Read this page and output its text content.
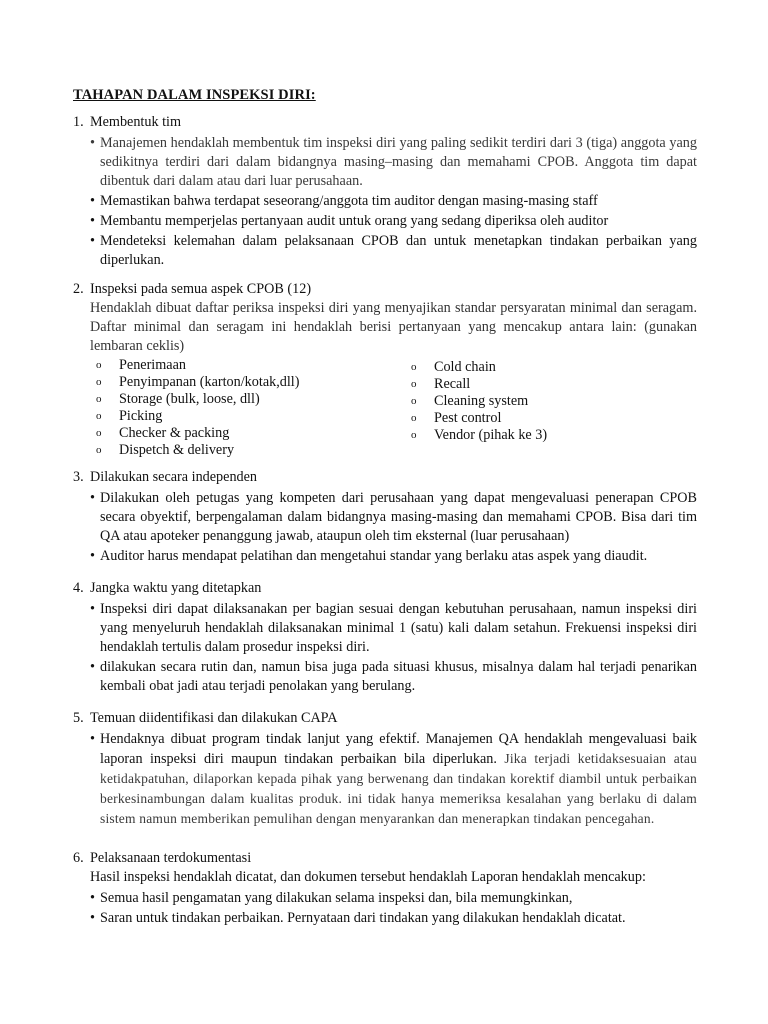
TAHAPAN DALAM INSPEKSI DIRI:
1. Membentuk tim
• Manajemen hendaklah membentuk tim inspeksi diri yang paling sedikit terdiri dari 3 (tiga) anggota yang sedikitnya terdiri dari dalam bidangnya masing–masing dan memahami CPOB. Anggota tim dapat dibentuk dari dalam atau dari luar perusahaan.
• Memastikan bahwa terdapat seseorang/anggota tim auditor dengan masing-masing staff
• Membantu memperjelas pertanyaan audit untuk orang yang sedang diperiksa oleh auditor
• Mendeteksi kelemahan dalam pelaksanaan CPOB dan untuk menetapkan tindakan perbaikan yang diperlukan.
2. Inspeksi pada semua aspek CPOB (12)
Hendaklah dibuat daftar periksa inspeksi diri yang menyajikan standar persyaratan minimal dan seragam. Daftar minimal dan seragam ini hendaklah berisi pertanyaan yang mencakup antara lain: (gunakan lembaran ceklis)
o Penerimaan
o Penyimpanan (karton/kotak,dll)
o Storage (bulk, loose, dll)
o Picking
o Checker & packing
o Dispetch & delivery
o Cold chain
o Recall
o Cleaning system
o Pest control
o Vendor (pihak ke 3)
3. Dilakukan secara independen
• Dilakukan oleh petugas yang kompeten dari perusahaan yang dapat mengevaluasi penerapan CPOB secara obyektif, berpengalaman dalam bidangnya masing-masing dan memahami CPOB. Bisa dari tim QA atau apoteker penanggung jawab, ataupun oleh tim eksternal (luar perusahaan)
• Auditor harus mendapat pelatihan dan mengetahui standar yang berlaku atas aspek yang diaudit.
4. Jangka waktu yang ditetapkan
• Inspeksi diri dapat dilaksanakan per bagian sesuai dengan kebutuhan perusahaan, namun inspeksi diri yang menyeluruh hendaklah dilaksanakan minimal 1 (satu) kali dalam setahun. Frekuensi inspeksi diri hendaklah tertulis dalam prosedur inspeksi diri.
• dilakukan secara rutin dan, namun bisa juga pada situasi khusus, misalnya dalam hal terjadi penarikan kembali obat jadi atau terjadi penolakan yang berulang.
5. Temuan diidentifikasi dan dilakukan CAPA
• Hendaknya dibuat program tindak lanjut yang efektif. Manajemen QA hendaklah mengevaluasi baik laporan inspeksi diri maupun tindakan perbaikan bila diperlukan. Jika terjadi ketidaksesuaian atau ketidakpatuhan, dilaporkan kepada pihak yang berwenang dan tindakan korektif diambil untuk perbaikan berkesinambungan dalam kualitas produk. ini tidak hanya memeriksa kesalahan yang berlaku di dalam sistem namun memberikan pemulihan dengan menyarankan dan menerapkan tindakan pencegahan.
6. Pelaksanaan terdokumentasi
Hasil inspeksi hendaklah dicatat, dan dokumen tersebut hendaklah Laporan hendaklah mencakup:
• Semua hasil pengamatan yang dilakukan selama inspeksi dan, bila memungkinkan,
• Saran untuk tindakan perbaikan. Pernyataan dari tindakan yang dilakukan hendaklah dicatat.
